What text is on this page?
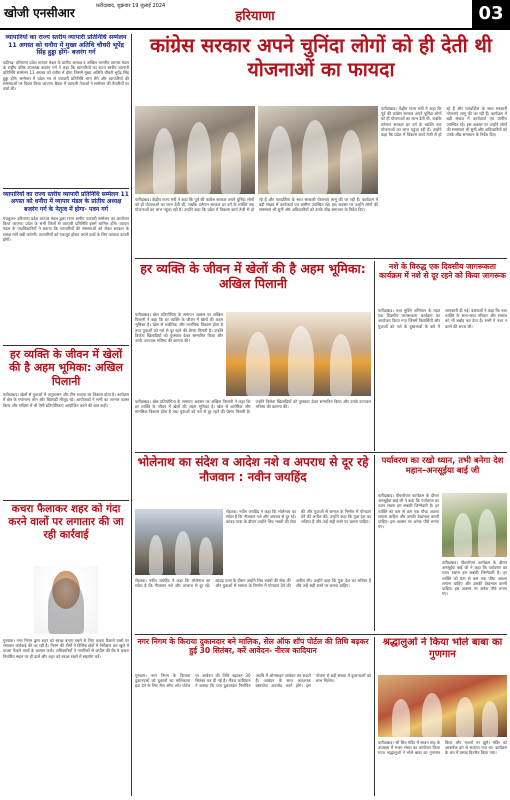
खोजी एनसीआर	फ़रीदाबाद, शुक्रवार 19 जुलाई 2024
हरियाणा	03
व्यापारियों का राज्य स्तरीय व्यापारी प्रतिनिधि सम्मेलन 11 अगस्त को धनौरा में मुख्य अतिथि चौधरी भूपेंद्र सिंह हुड्डा होंगे- बजरंग गर्ग
चंडीगढ़- हरियाणा प्रदेश व्यापार मंडल के प्रांतीय अध्यक्ष व अखिल भारतीय व्यापार मंडल के राष्ट्रीय वरिष्ठ उपाध्यक्ष बजरंग गर्ग ने कहा कि व्यापारियों का राज्य स्तरीय व्यापारी प्रतिनिधि सम्मेलन 11 अगस्त को धनौरा में होगा जिसमें मुख्य अतिथि चौधरी भूपेंद्र सिंह हुड्डा होंगे। सम्मेलन में प्रदेश भर से व्यापारी प्रतिनिधि भाग लेंगे और व्यापारियों की समस्याओं पर विचार किया जाएगा। बैठक में व्यापारी नेताओं ने सम्मेलन की तैयारियों पर चर्चा की।
व्यापारियों का राज्य स्तरीय व्यापारी प्रतिनिधि सम्मेलन 11 अगस्त को धनौरा में व्यापार मंडल के प्रांतीय अध्यक्ष बजरंग गर्ग के नेतृत्व में होगा- पवन गर्ग
पंचकूला- हरियाणा प्रदेश व्यापार मंडल द्वारा राज्य स्तरीय व्यापारी सम्मेलन का आयोजन किया जाएगा। प्रदेश के सभी जिलों से व्यापारी प्रतिनिधि इसमें शामिल होंगे। व्यापार मंडल के पदाधिकारियों ने बताया कि व्यापारियों की समस्याओं को लेकर सरकार के समक्ष मांगें रखी जाएंगी। व्यापारियों को एकजुट होकर अपने हकों के लिए आवाज उठानी होगी।
हर व्यक्ति के जीवन में खेलों की है अहम भूमिका: अखिल पिलानी
फरीदाबाद। खेलों से युवाओं में अनुशासन और टीम भावना का विकास होता है। कार्यक्रम में क्षेत्र के गणमान्य लोग और खिलाड़ी मौजूद रहे। आयोजकों ने सभी का आभार व्यक्त किया और भविष्य में भी ऐसी प्रतियोगिताएं आयोजित करने की बात कही।
कचरा फैलाकर शहर को गंदा करने वालों पर लगातार की जा रही कार्रवाई
गुरुग्राम। नगर निगम द्वारा शहर को स्वच्छ बनाए रखने के लिए कचरा फैलाने वालों पर लगातार कार्रवाई की जा रही है। निगम की टीमों ने विभिन्न क्षेत्रों में निरीक्षण कर खुले में कचरा फेंकने वालों के चालान काटे। अधिकारियों ने नागरिकों से अपील की कि वे कचरा निर्धारित स्थान पर ही डालें और शहर को स्वच्छ रखने में सहयोग करें।
कांग्रेस सरकार अपने चुनिंदा लोगों को ही देती थी योजनाओं का फायदा
फरीदाबाद। केंद्रीय राज्य मंत्री ने कहा कि पूर्व की कांग्रेस सरकार अपने चुनिंदा लोगों को ही योजनाओं का लाभ देती थी, जबकि वर्तमान सरकार हर वर्ग के व्यक्ति तक योजनाओं का लाभ पहुंचा रही है। उन्होंने कहा कि प्रदेश में विकास कार्य तेजी से हो रहे हैं और पारदर्शिता के साथ सरकारी योजनाएं लागू की जा रही हैं। कार्यक्रम में बड़ी संख्या में कार्यकर्ता एवं ग्रामीण उपस्थित रहे। इस अवसर पर उन्होंने लोगों की समस्याएं भी सुनीं और अधिकारियों को उनके शीघ्र समाधान के निर्देश दिए।
फरीदाबाद। केंद्रीय राज्य मंत्री ने कहा कि पूर्व की कांग्रेस सरकार अपने चुनिंदा लोगों को ही योजनाओं का लाभ देती थी, जबकि वर्तमान सरकार हर वर्ग के व्यक्ति तक योजनाओं का लाभ पहुंचा रही है। उन्होंने कहा कि प्रदेश में विकास कार्य तेजी से हो रहे हैं और पारदर्शिता के साथ सरकारी योजनाएं लागू की जा रही हैं। कार्यक्रम में बड़ी संख्या में कार्यकर्ता एवं ग्रामीण उपस्थित रहे। इस अवसर पर उन्होंने लोगों की समस्याएं भी सुनीं और अधिकारियों को उनके शीघ्र समाधान के निर्देश दिए।
हर व्यक्ति के जीवन में खेलों की है अहम भूमिका: अखिल पिलानी
फरीदाबाद। खेल प्रतियोगिता के समापन अवसर पर अखिल पिलानी ने कहा कि हर व्यक्ति के जीवन में खेलों की अहम भूमिका है। खेल से शारीरिक और मानसिक विकास होता है तथा युवाओं को नशे से दूर रहने की प्रेरणा मिलती है। उन्होंने विजेता खिलाड़ियों को पुरस्कार देकर सम्मानित किया और उनके उज्ज्वल भविष्य की कामना की।
फरीदाबाद। खेल प्रतियोगिता के समापन अवसर पर अखिल पिलानी ने कहा कि हर व्यक्ति के जीवन में खेलों की अहम भूमिका है। खेल से शारीरिक और मानसिक विकास होता है तथा युवाओं को नशे से दूर रहने की प्रेरणा मिलती है। उन्होंने विजेता खिलाड़ियों को पुरस्कार देकर सम्मानित किया और उनके उज्ज्वल भविष्य की कामना की।
नशे के विरुद्ध एक दिवसीय जागरूकता कार्यक्रम में नशे से दूर रहने को किया जागरूक
फरीदाबाद। नशा मुक्ति अभियान के तहत एक दिवसीय जागरूकता कार्यक्रम का आयोजन किया गया जिसमें विद्यार्थियों और युवाओं को नशे के दुष्प्रभावों के बारे में जानकारी दी गई। वक्ताओं ने कहा कि नशा व्यक्ति के साथ-साथ परिवार और समाज को भी बर्बाद कर देता है। सभी ने नशा न करने की शपथ ली।
भोलेनाथ का संदेश व आदेश नशे व अपराध से दूर रहे नौजवान : नवीन जयहिंद
रोहतक। नवीन जयहिंद ने कहा कि भोलेनाथ का संदेश है कि नौजवान नशे और अपराध से दूर रहें। कांवड़ यात्रा के दौरान उन्होंने शिव भक्तों की सेवा की और युवाओं से समाज के निर्माण में योगदान देने की अपील की। उन्होंने कहा कि युवा देश का भविष्य हैं और उन्हें सही रास्ते पर चलना चाहिए।
रोहतक। नवीन जयहिंद ने कहा कि भोलेनाथ का संदेश है कि नौजवान नशे और अपराध से दूर रहें। कांवड़ यात्रा के दौरान उन्होंने शिव भक्तों की सेवा की और युवाओं से समाज के निर्माण में योगदान देने की अपील की। उन्होंने कहा कि युवा देश का भविष्य हैं और उन्हें सही रास्ते पर चलना चाहिए।
पर्यावरण का रखो ध्यान, तभी बनेगा देश महान–अनसूईया बाई जी
फरीदाबाद। पौधारोपण कार्यक्रम के दौरान अनसूईया बाई जी ने कहा कि पर्यावरण का ध्यान रखना हम सबकी जिम्मेदारी है। हर व्यक्ति को कम से कम एक पौधा अवश्य लगाना चाहिए और उसकी देखभाल करनी चाहिए। इस अवसर पर अनेक पौधे लगाए गए।
फरीदाबाद। पौधारोपण कार्यक्रम के दौरान अनसूईया बाई जी ने कहा कि पर्यावरण का ध्यान रखना हम सबकी जिम्मेदारी है। हर व्यक्ति को कम से कम एक पौधा अवश्य लगाना चाहिए और उसकी देखभाल करनी चाहिए। इस अवसर पर अनेक पौधे लगाए गए।
नगर निगम के किराया दुकानदार बने मालिक, सेल ऑफ शॉप पोर्टल की तिथि बढ़कर हुई 30 सितंबर, करें आवेदन- नीरज कादियान
गुरुग्राम। नगर निगम के किराया दुकानदारों को दुकानों का मालिकाना हक देने के लिए सेल ऑफ शॉप पोर्टल पर आवेदन की तिथि बढ़ाकर 30 सितंबर कर दी गई है। नीरज कादियान ने बताया कि पात्र दुकानदार निर्धारित अवधि में ऑनलाइन आवेदन कर सकते हैं। आवेदन के साथ आवश्यक दस्तावेज अपलोड करने होंगे। इस योजना से बड़ी संख्या में दुकानदारों को लाभ मिलेगा।
श्रद्धालुओं ने किया भोले बाबा का गुणगान
फरीदाबाद। श्री शिव मंदिर में सावन माह के उपलक्ष्य में भजन संध्या का आयोजन किया गया। श्रद्धालुओं ने भोले बाबा का गुणगान किया और भजनों पर झूमे। मंदिर को आकर्षक ढंग से सजाया गया था। कार्यक्रम के अंत में प्रसाद वितरित किया गया।
